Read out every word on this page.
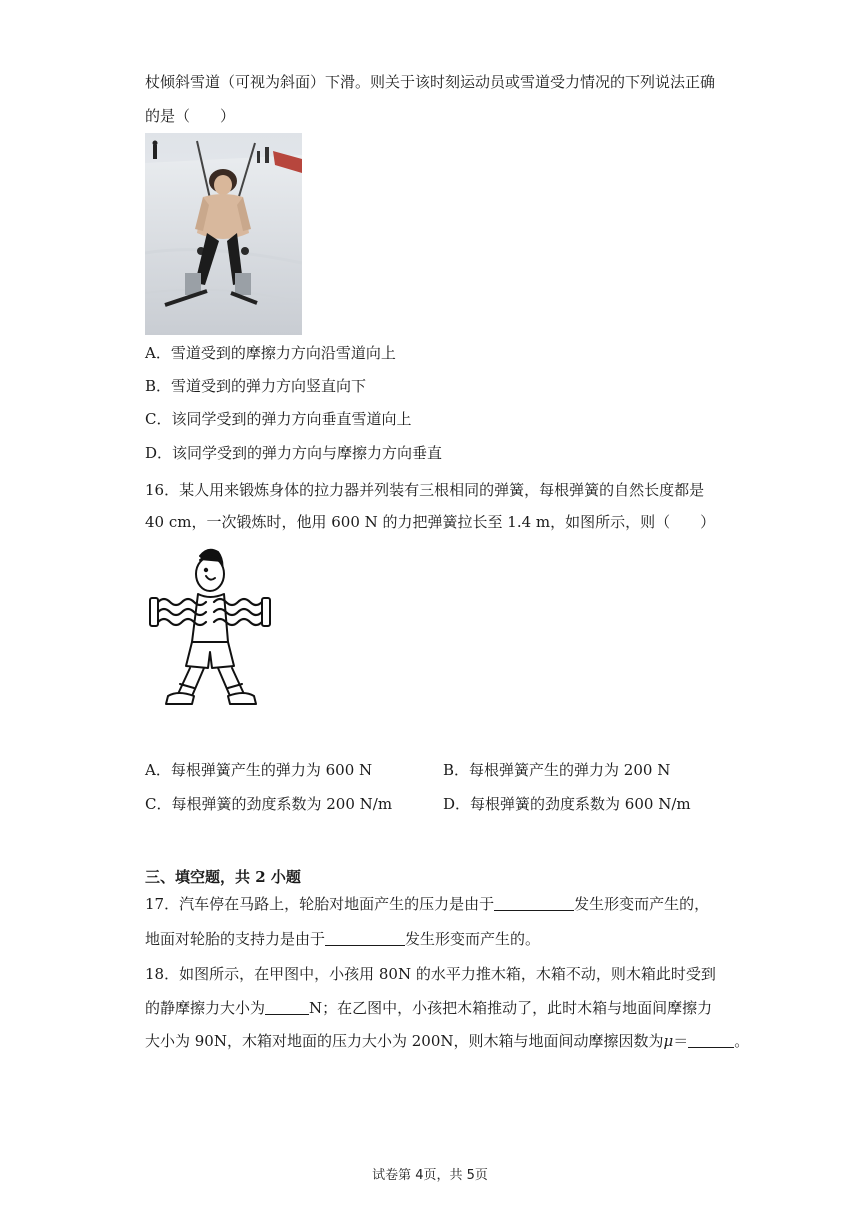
杖倾斜雪道（可视为斜面）下滑。则关于该时刻运动员或雪道受力情况的下列说法正确
的是（　　）
A．雪道受到的摩擦力方向沿雪道向上
B．雪道受到的弹力方向竖直向下
C．该同学受到的弹力方向垂直雪道向上
D．该同学受到的弹力方向与摩擦力方向垂直
16．某人用来锻炼身体的拉力器并列装有三根相同的弹簧，每根弹簧的自然长度都是
40 cm，一次锻炼时，他用 600 N 的力把弹簧拉长至 1.4 m，如图所示，则（　　）
A．每根弹簧产生的弹力为 600 N	B．每根弹簧产生的弹力为 200 N
C．每根弹簧的劲度系数为 200 N/m	D．每根弹簧的劲度系数为 600 N/m
三、填空题，共 2 小题
17．汽车停在马路上，轮胎对地面产生的压力是由于	发生形变而产生的，
地面对轮胎的支持力是由于	发生形变而产生的。
18．如图所示，在甲图中，小孩用 80N 的水平力推木箱，木箱不动，则木箱此时受到
的静摩擦力大小为	N；在乙图中，小孩把木箱推动了，此时木箱与地面间摩擦力
大小为 90N，木箱对地面的压力大小为 200N，则木箱与地面间动摩擦因数为μ＝	。
试卷第 4页，共 5页
